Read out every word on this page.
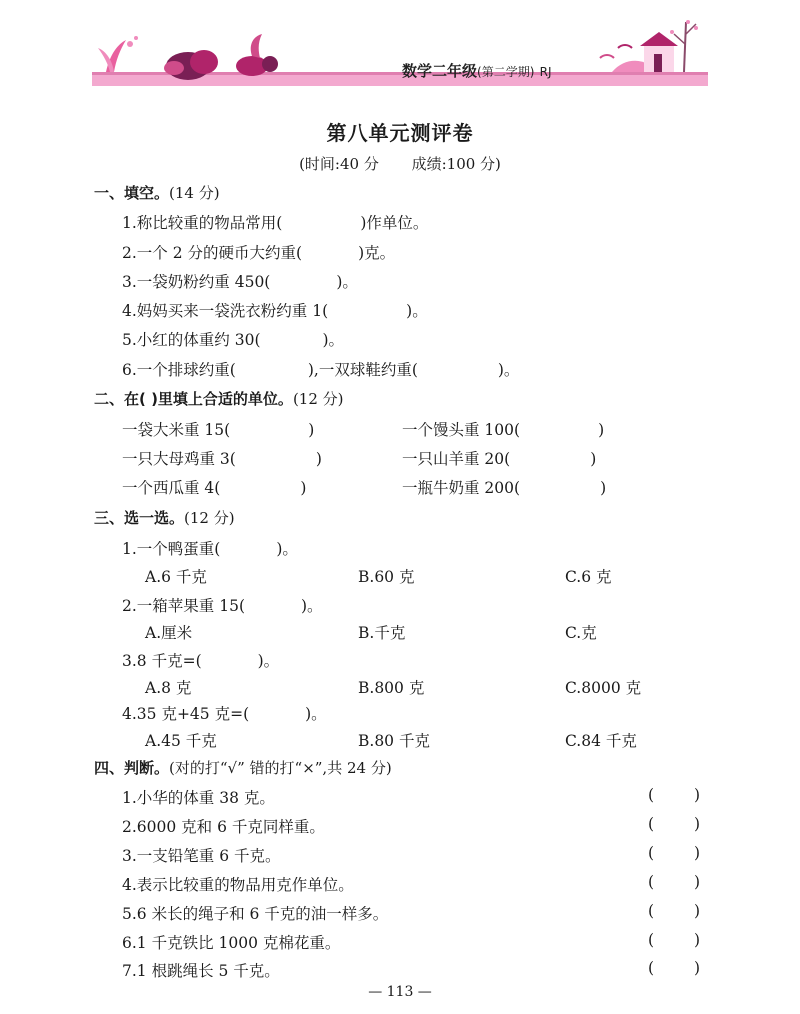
数学二年级(第二学期) RJ
第八单元测评卷
(时间:40 分 成绩:100 分)
一、填空。(14 分)
1.称比较重的物品常用(	)作单位。
2.一个 2 分的硬币大约重(	)克。
3.一袋奶粉约重 450(	)。
4.妈妈买来一袋洗衣粉约重 1(	)。
5.小红的体重约 30(	)。
6.一个排球约重(	),一双球鞋约重(	)。
二、在( )里填上合适的单位。(12 分)
一袋大米重 15(	)	一个馒头重 100(	)
一只大母鸡重 3(	)	一只山羊重 20(	)
一个西瓜重 4(	)	一瓶牛奶重 200(	)
三、选一选。(12 分)
1.一个鸭蛋重(	)。
A.6 千克	B.60 克	C.6 克
2.一箱苹果重 15(	)。
A.厘米	B.千克	C.克
3.8 千克=(	)。
A.8 克	B.800 克	C.8000 克
4.35 克+45 克=(	)。
A.45 千克	B.80 千克	C.84 千克
四、判断。(对的打“√” 错的打“×”,共 24 分)
1.小华的体重 38 克。	(	)
2.6000 克和 6 千克同样重。	(	)
3.一支铅笔重 6 千克。	(	)
4.表示比较重的物品用克作单位。	(	)
5.6 米长的绳子和 6 千克的油一样多。	(	)
6.1 千克铁比 1000 克棉花重。	(	)
7.1 根跳绳长 5 千克。	(	)
— 113 —
